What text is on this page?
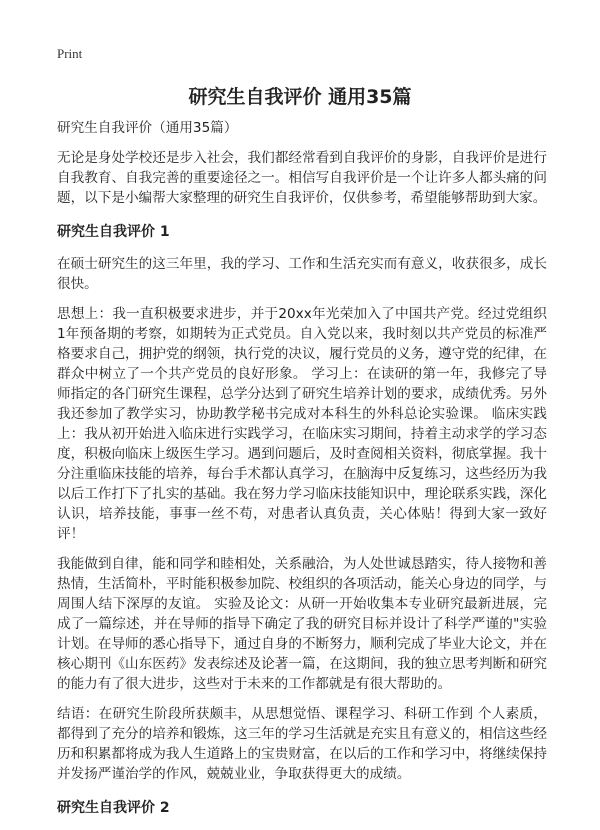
Print
研究生自我评价 通用35篇

研究生自我评价（通用35篇）

无论是身处学校还是步入社会，我们都经常看到自我评价的身影，自我评价是进行自我教育、自我完善的重要途径之一。相信写自我评价是一个让许多人都头痛的问题，以下是小编帮大家整理的研究生自我评价，仅供参考，希望能够帮助到大家。

研究生自我评价 1

在硕士研究生的这三年里，我的学习、工作和生活充实而有意义，收获很多，成长很快。

思想上：我一直积极要求进步，并于20xx年光荣加入了中国共产党。经过党组织1年预备期的考察，如期转为正式党员。自入党以来，我时刻以共产党员的标准严格要求自己，拥护党的纲领，执行党的决议，履行党员的义务，遵守党的纪律，在群众中树立了一个共产党员的良好形象。 学习上：在读研的第一年，我修完了导师指定的各门研究生课程，总学分达到了研究生培养计划的要求，成绩优秀。另外我还参加了教学实习，协助教学秘书完成对本科生的外科总论实验课。 临床实践上：我从初开始进入临床进行实践学习，在临床实习期间，持着主动求学的学习态度，积极向临床上级医生学习。遇到问题后，及时查阅相关资料，彻底掌握。我十分注重临床技能的培养，每台手术都认真学习，在脑海中反复练习，这些经历为我以后工作打下了扎实的基础。我在努力学习临床技能知识中，理论联系实践，深化认识，培养技能，事事一丝不苟，对患者认真负责，关心体贴！得到大家一致好评！

我能做到自律，能和同学和睦相处，关系融洽，为人处世诚恳踏实，待人接物和善热情，生活简朴，平时能积极参加院、校组织的各项活动，能关心身边的同学，与周围人结下深厚的友谊。 实验及论文：从研一开始收集本专业研究最新进展，完成了一篇综述，并在导师的指导下确定了我的研究目标并设计了科学严谨的"实验计划。在导师的悉心指导下，通过自身的不断努力，顺利完成了毕业大论文，并在核心期刊《山东医药》发表综述及论著一篇，在这期间，我的独立思考判断和研究的能力有了很大进步，这些对于未来的工作都就是有很大帮助的。

结语：在研究生阶段所获颇丰，从思想觉悟、课程学习、科研工作到 个人素质，都得到了充分的培养和锻炼，这三年的学习生活就是充实且有意义的，相信这些经历和积累都将成为我人生道路上的宝贵财富，在以后的工作和学习中，将继续保持并发扬严谨治学的作风，兢兢业业，争取获得更大的成绩。

研究生自我评价 2
